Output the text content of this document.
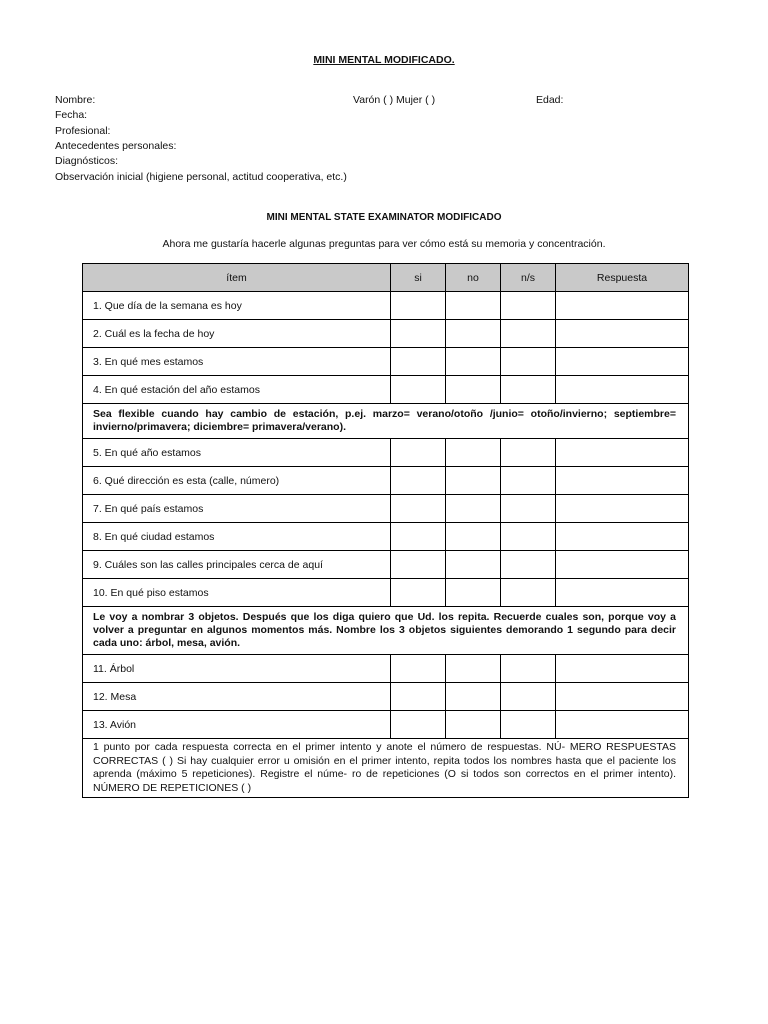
MINI MENTAL MODIFICADO.
Nombre:	Varón ( ) Mujer ( )	Edad:
Fecha:
Profesional:
Antecedentes personales:
Diagnósticos:
Observación inicial (higiene personal, actitud cooperativa, etc.)
MINI MENTAL STATE EXAMINATOR MODIFICADO
Ahora me gustaría hacerle algunas preguntas para ver cómo está su memoria y concentración.
ítem	si	no	n/s	Respuesta
1. Que día de la semana es hoy				
2. Cuál es la fecha de hoy				
3. En qué mes estamos				
4. En qué estación del año estamos				
Sea flexible cuando hay cambio de estación, p.ej. marzo= verano/otoño /junio= otoño/invierno; septiembre= invierno/primavera; diciembre= primavera/verano).				
5. En qué año estamos				
6. Qué dirección es esta (calle, número)				
7. En qué país estamos				
8. En qué ciudad estamos				
9. Cuáles son las calles principales cerca de aquí				
10. En qué piso estamos				
Le voy a nombrar 3 objetos. Después que los diga quiero que Ud. los repita. Recuerde cuales son, porque voy a volver a preguntar en algunos momentos más. Nombre los 3 objetos siguientes demorando 1 segundo para decir cada uno: árbol, mesa, avión.				
11. Árbol				
12. Mesa				
13. Avión				
1 punto por cada respuesta correcta en el primer intento y anote el número de respuestas. NÚ- MERO RESPUESTAS CORRECTAS ( ) Si hay cualquier error u omisión en el primer intento, repita todos los nombres hasta que el paciente los aprenda (máximo 5 repeticiones). Registre el núme- ro de repeticiones (O si todos son correctos en el primer intento). NÚMERO DE REPETICIONES ( )				
